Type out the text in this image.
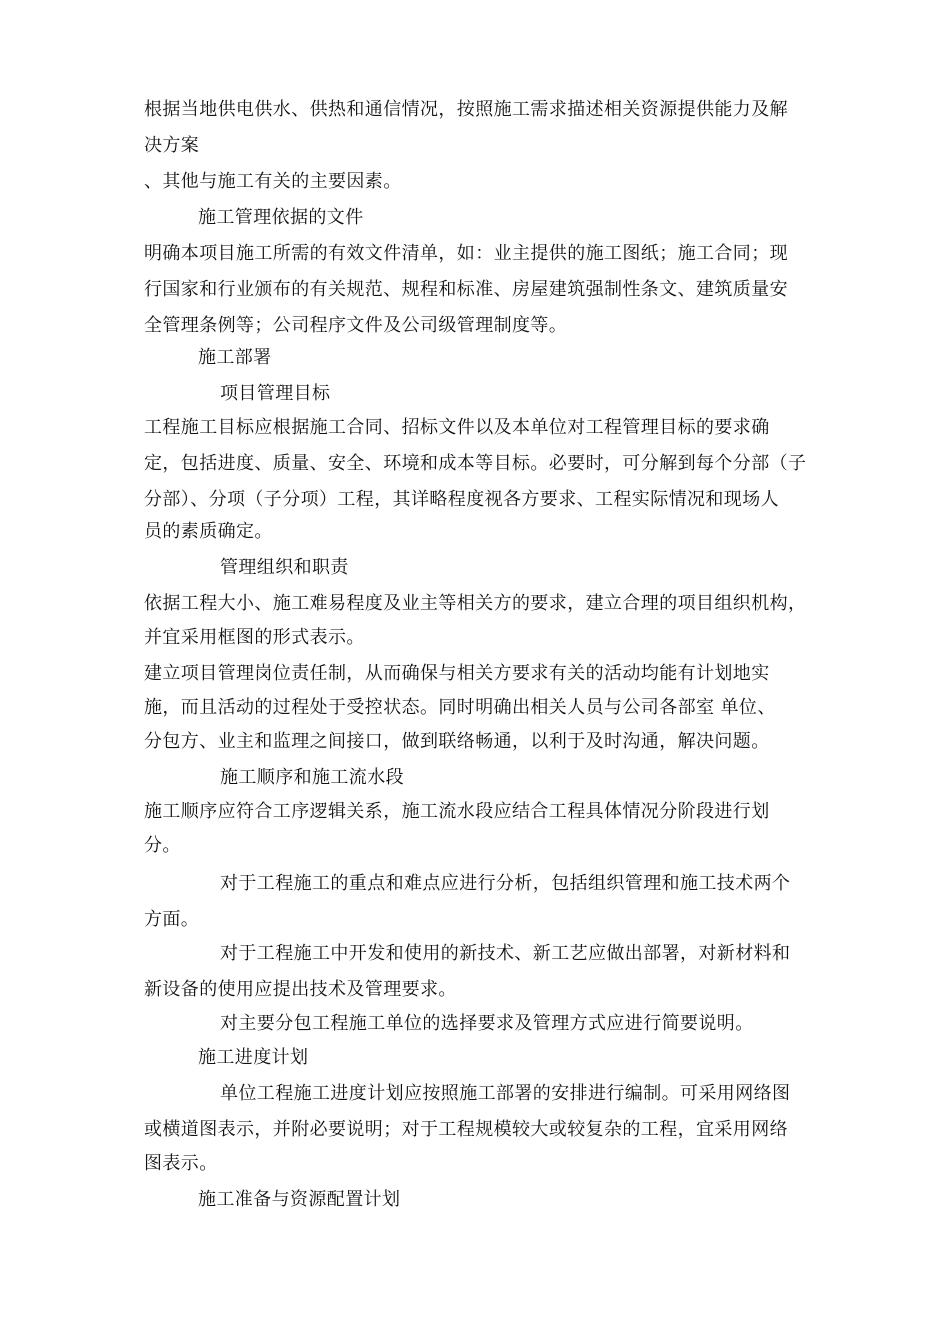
根据当地供电供水、供热和通信情况，按照施工需求描述相关资源提供能力及解
决方案
、其他与施工有关的主要因素。
施工管理依据的文件
明确本项目施工所需的有效文件清单，如：业主提供的施工图纸；施工合同；现
行国家和行业颁布的有关规范、规程和标准、房屋建筑强制性条文、建筑质量安
全管理条例等；公司程序文件及公司级管理制度等。
施工部署
项目管理目标
工程施工目标应根据施工合同、招标文件以及本单位对工程管理目标的要求确
定，包括进度、质量、安全、环境和成本等目标。必要时，可分解到每个分部（子
分部）、分项（子分项）工程，其详略程度视各方要求、工程实际情况和现场人
员的素质确定。
管理组织和职责
依据工程大小、施工难易程度及业主等相关方的要求，建立合理的项目组织机构，
并宜采用框图的形式表示。
建立项目管理岗位责任制，从而确保与相关方要求有关的活动均能有计划地实
施，而且活动的过程处于受控状态。同时明确出相关人员与公司各部室 单位、
分包方、业主和监理之间接口，做到联络畅通，以利于及时沟通，解决问题。
施工顺序和施工流水段
施工顺序应符合工序逻辑关系，施工流水段应结合工程具体情况分阶段进行划
分。
对于工程施工的重点和难点应进行分析，包括组织管理和施工技术两个
方面。
对于工程施工中开发和使用的新技术、新工艺应做出部署，对新材料和
新设备的使用应提出技术及管理要求。
对主要分包工程施工单位的选择要求及管理方式应进行简要说明。
施工进度计划
单位工程施工进度计划应按照施工部署的安排进行编制。可采用网络图
或横道图表示，并附必要说明；对于工程规模较大或较复杂的工程，宜采用网络
图表示。
施工准备与资源配置计划
